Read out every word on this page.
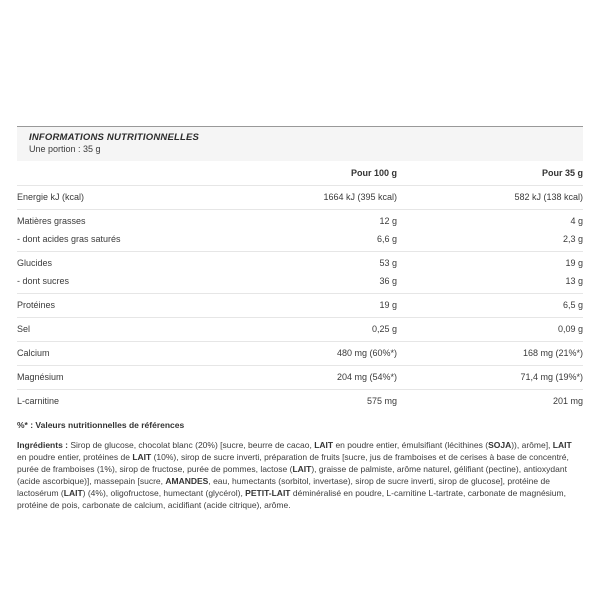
INFORMATIONS NUTRITIONNELLES
Une portion : 35 g
Pour 100 g	Pour 35 g
Energie kJ (kcal)	1664 kJ (395 kcal)	582 kJ (138 kcal)
Matières grasses	12 g	4 g
- dont acides gras saturés	6,6 g	2,3 g
Glucides	53 g	19 g
- dont sucres	36 g	13 g
Protéines	19 g	6,5 g
Sel	0,25 g	0,09 g
Calcium	480 mg (60%*)	168 mg (21%*)
Magnésium	204 mg (54%*)	71,4 mg (19%*)
L-carnitine	575 mg	201 mg

%* : Valeurs nutritionnelles de références

Ingrédients : Sirop de glucose, chocolat blanc (20%) [sucre, beurre de cacao, LAIT en poudre entier, émulsifiant (lécithines (SOJA)), arôme], LAIT en poudre entier, protéines de LAIT (10%), sirop de sucre inverti, préparation de fruits [sucre, jus de framboises et de cerises à base de concentré, purée de framboises (1%), sirop de fructose, purée de pommes, lactose (LAIT), graisse de palmiste, arôme naturel, gélifiant (pectine), antioxydant (acide ascorbique)], massepain [sucre, AMANDES, eau, humectants (sorbitol, invertase), sirop de sucre inverti, sirop de glucose], protéine de lactosérum (LAIT) (4%), oligofructose, humectant (glycérol), PETIT-LAIT déminéralisé en poudre, L-carnitine L-tartrate, carbonate de magnésium, protéine de pois, carbonate de calcium, acidifiant (acide citrique), arôme.
